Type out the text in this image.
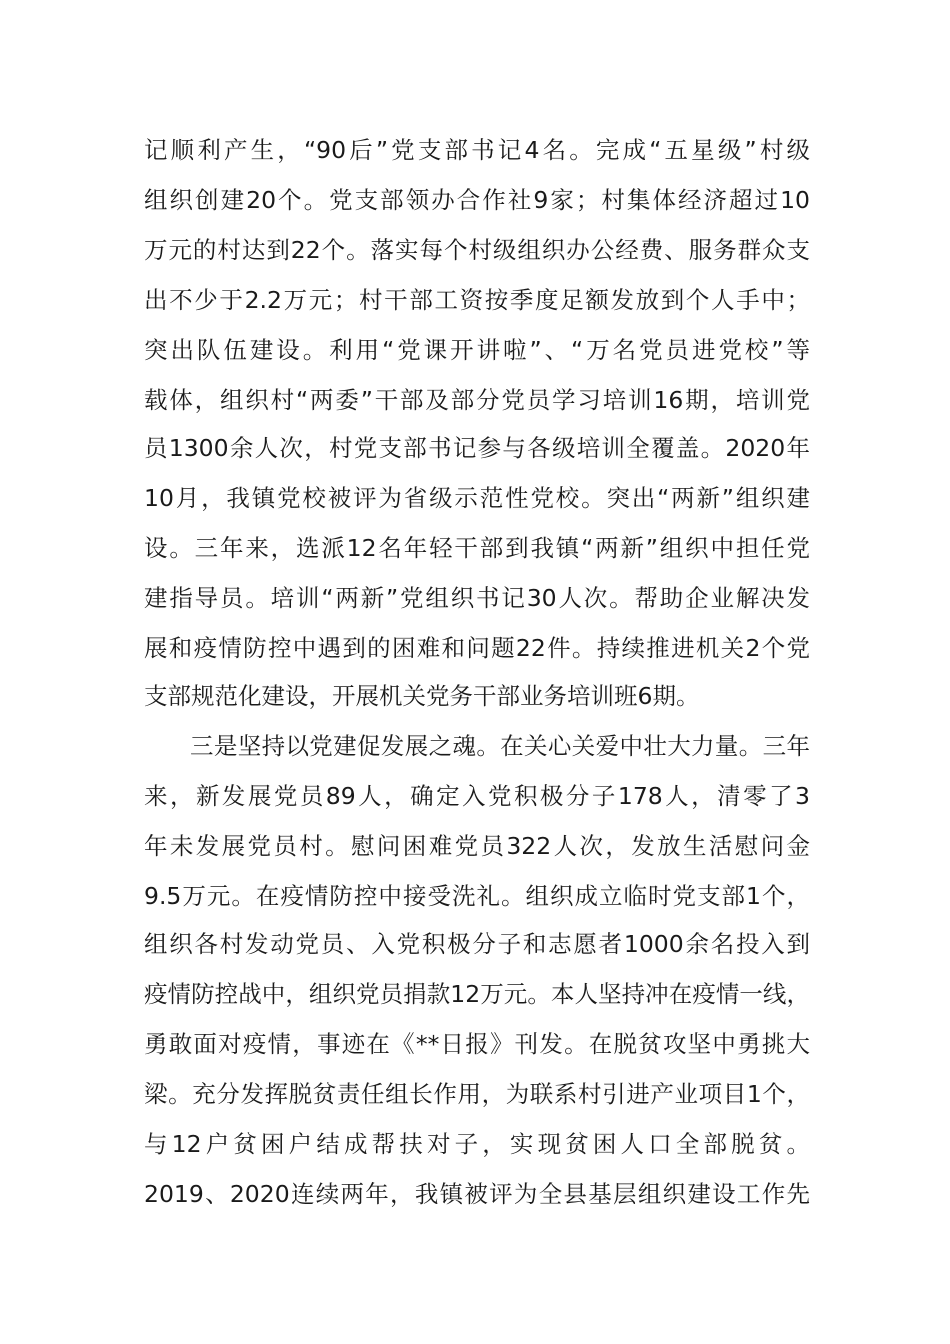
记顺利产生，“90后”党支部书记4名。完成“五星级”村级
组织创建20个。党支部领办合作社9家；村集体经济超过10
万元的村达到22个。落实每个村级组织办公经费、服务群众支
出不少于2.2万元；村干部工资按季度足额发放到个人手中；
突出队伍建设。利用“党课开讲啦”、“万名党员进党校”等
载体，组织村“两委”干部及部分党员学习培训16期，培训党
员1300余人次，村党支部书记参与各级培训全覆盖。2020年
10月，我镇党校被评为省级示范性党校。突出“两新”组织建
设。三年来，选派12名年轻干部到我镇“两新”组织中担任党
建指导员。培训“两新”党组织书记30人次。帮助企业解决发
展和疫情防控中遇到的困难和问题22件。持续推进机关2个党
支部规范化建设，开展机关党务干部业务培训班6期。
三是坚持以党建促发展之魂。在关心关爱中壮大力量。三年
来，新发展党员89人，确定入党积极分子178人，清零了3
年未发展党员村。慰问困难党员322人次，发放生活慰问金
9.5万元。在疫情防控中接受洗礼。组织成立临时党支部1个，
组织各村发动党员、入党积极分子和志愿者1000余名投入到
疫情防控战中，组织党员捐款12万元。本人坚持冲在疫情一线，
勇敢面对疫情，事迹在《**日报》刊发。在脱贫攻坚中勇挑大
梁。充分发挥脱贫责任组长作用，为联系村引进产业项目1个，
与12户贫困户结成帮扶对子，实现贫困人口全部脱贫。
2019、2020连续两年，我镇被评为全县基层组织建设工作先
